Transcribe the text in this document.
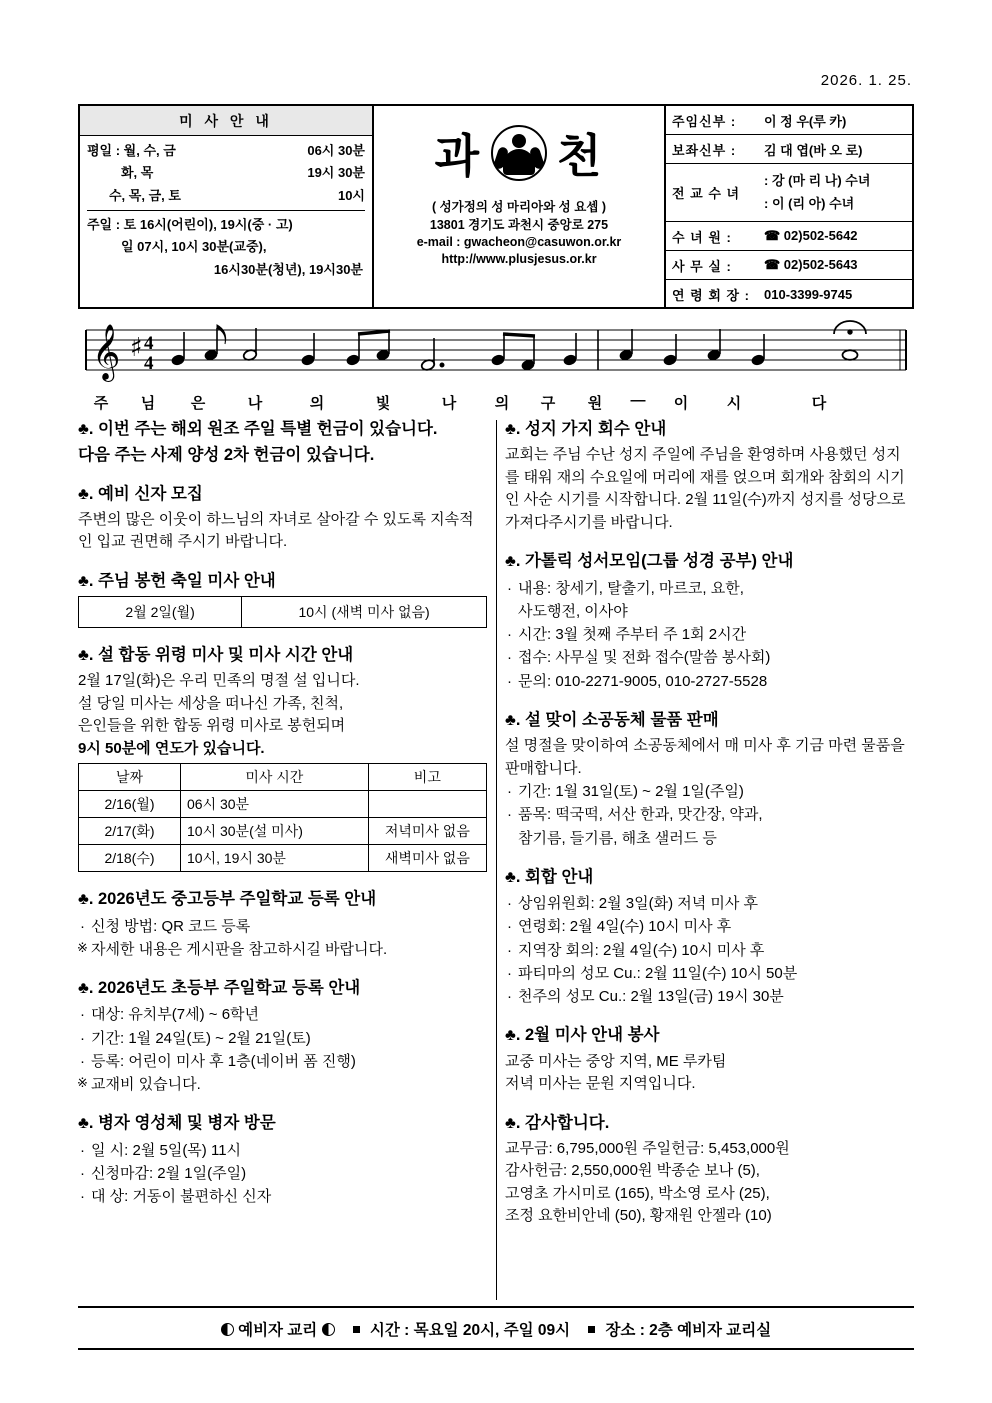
2026. 1. 25.
미 사 안 내
평일 : 월, 수, 금	06시 30분
화, 목	19시 30분
수, 목, 금, 토	10시
주일 : 토 16시(어린이), 19시(중 · 고)
일 07시, 10시 30분(교중),
16시30분(청년), 19시30분
과 천
( 성가정의 성 마리아와 성 요셉 )
13801 경기도 과천시 중앙로 275
e-mail : gwacheon@casuwon.or.kr
http://www.plusjesus.or.kr
주임신부 :	이 정 우(루 카)
보좌신부 :	김 대 엽(바 오 로)
전 교 수 녀
: 강 (마 리 나) 수녀
: 이 (리 아) 수녀
수 녀 원 :	☎ 02)502-5642
사 무 실 :	☎ 02)502-5643
연 령 회 장 :	010-3399-9745
𝄞 ♯ 4
4
주	님	은	나	의	빛	나	의	구	원	―	이	시	다
♣. 이번 주는 해외 원조 주일 특별 헌금이 있습니다.
다음 주는 사제 양성 2차 헌금이 있습니다.
♣. 예비 신자 모집

주변의 많은 이웃이 하느님의 자녀로 살아갈 수 있도록 지속적인 입교 권면해 주시기 바랍니다.

♣. 주님 봉헌 축일 미사 안내
2월 2일(월)	10시 (새벽 미사 없음)
♣. 설 합동 위령 미사 및 미사 시간 안내

2월 17일(화)은 우리 민족의 명절 설 입니다.

설 당일 미사는 세상을 떠나신 가족, 친척,

은인들을 위한 합동 위령 미사로 봉헌되며

9시 50분에 연도가 있습니다.

날짜	미사 시간	비고
2/16(월)	06시 30분	
2/17(화)	10시 30분(설 미사)	저녁미사 없음
2/18(수)	10시, 19시 30분	새벽미사 없음
♣. 2026년도 중고등부 주일학교 등록 안내
· 신청 방법: QR 코드 등록
※ 자세한 내용은 게시판을 참고하시길 바랍니다.
♣. 2026년도 초등부 주일학교 등록 안내
· 대상: 유치부(7세) ~ 6학년
· 기간: 1월 24일(토) ~ 2월 21일(토)
· 등록: 어린이 미사 후 1층(네이버 폼 진행)
※ 교재비 있습니다.
♣. 병자 영성체 및 병자 방문
· 일 시: 2월 5일(목) 11시
· 신청마감: 2월 1일(주일)
· 대 상: 거동이 불편하신 신자
♣. 성지 가지 회수 안내

교회는 주님 수난 성지 주일에 주님을 환영하며 사용했던 성지를 태워 재의 수요일에 머리에 재를 얹으며 회개와 참회의 시기인 사순 시기를 시작합니다. 2월 11일(수)까지 성지를 성당으로 가져다주시기를 바랍니다.

♣. 가톨릭 성서모임(그룹 성경 공부) 안내
· 내용: 창세기, 탈출기, 마르코, 요한,
사도행전, 이사야
· 시간: 3월 첫째 주부터 주 1회 2시간
· 접수: 사무실 및 전화 접수(말씀 봉사회)
· 문의: 010-2271-9005, 010-2727-5528
♣. 설 맞이 소공동체 물품 판매

설 명절을 맞이하여 소공동체에서 매 미사 후 기금 마련 물품을 판매합니다.

· 기간: 1월 31일(토) ~ 2월 1일(주일)
· 품목: 떡국떡, 서산 한과, 맛간장, 약과,
참기름, 들기름, 해초 샐러드 등
♣. 회합 안내
· 상임위원회: 2월 3일(화) 저녁 미사 후
· 연령회: 2월 4일(수) 10시 미사 후
· 지역장 회의: 2월 4일(수) 10시 미사 후
· 파티마의 성모 Cu.: 2월 11일(수) 10시 50분
· 천주의 성모 Cu.: 2월 13일(금) 19시 30분
♣. 2월 미사 안내 봉사

교중 미사는 중앙 지역, ME 루카팀

저녁 미사는 문원 지역입니다.

♣. 감사합니다.

교무금: 6,795,000원 주일헌금: 5,453,000원

감사헌금: 2,550,000원 박종순 보나 (5),

고영초 가시미로 (165), 박소영 로사 (25),

조정 요한비안네 (50), 황재원 안젤라 (10)

예비자 교리	시간 : 목요일 20시, 주일 09시	장소 : 2층 예비자 교리실
